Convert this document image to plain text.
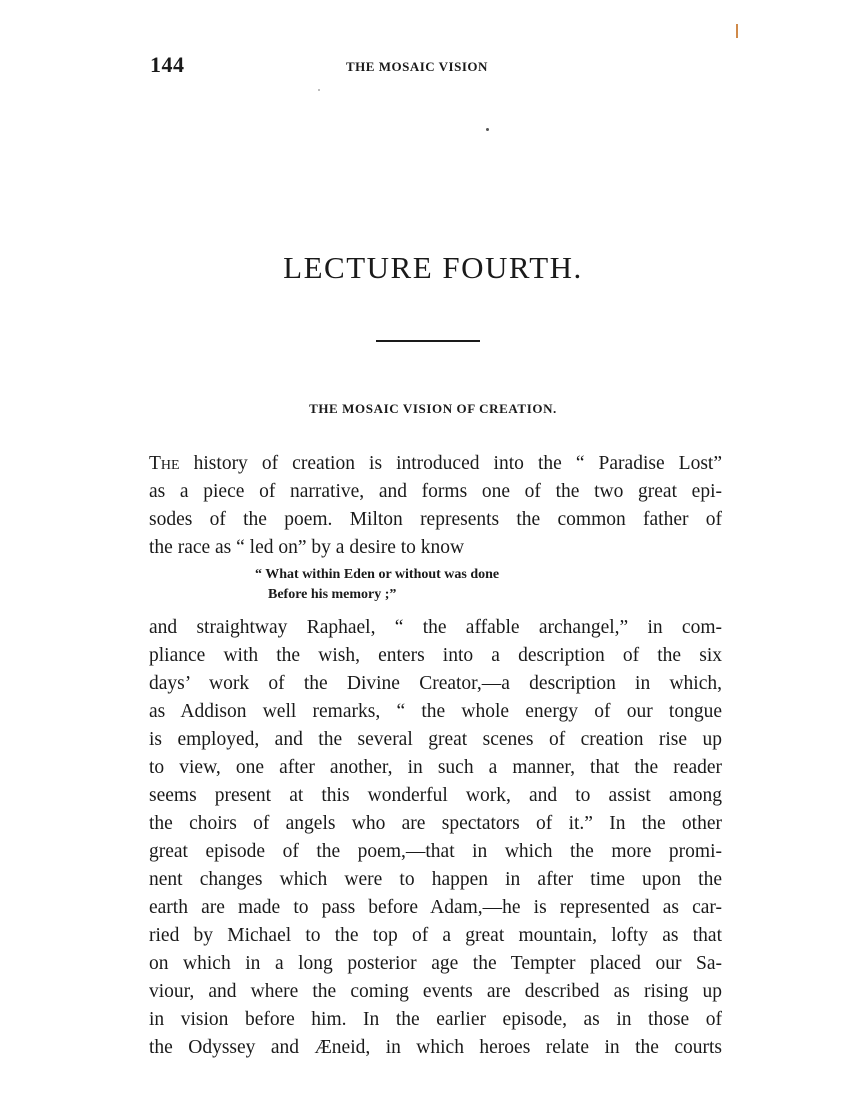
144	THE MOSAIC VISION
LECTURE FOURTH.
THE MOSAIC VISION OF CREATION.
The history of creation is introduced into the “ Paradise Lost”
as a piece of narrative, and forms one of the two great epi-
sodes of the poem. Milton represents the common father of
the race as “ led on” by a desire to know
“ What within Eden or without was done
Before his memory ;”
and straightway Raphael, “ the affable archangel,” in com-
pliance with the wish, enters into a description of the six
days’ work of the Divine Creator,—a description in which,
as Addison well remarks, “ the whole energy of our tongue
is employed, and the several great scenes of creation rise up
to view, one after another, in such a manner, that the reader
seems present at this wonderful work, and to assist among
the choirs of angels who are spectators of it.” In the other
great episode of the poem,—that in which the more promi-
nent changes which were to happen in after time upon the
earth are made to pass before Adam,—he is represented as car-
ried by Michael to the top of a great mountain, lofty as that
on which in a long posterior age the Tempter placed our Sa-
viour, and where the coming events are described as rising up
in vision before him. In the earlier episode, as in those of
the Odyssey and Æneid, in which heroes relate in the courts
